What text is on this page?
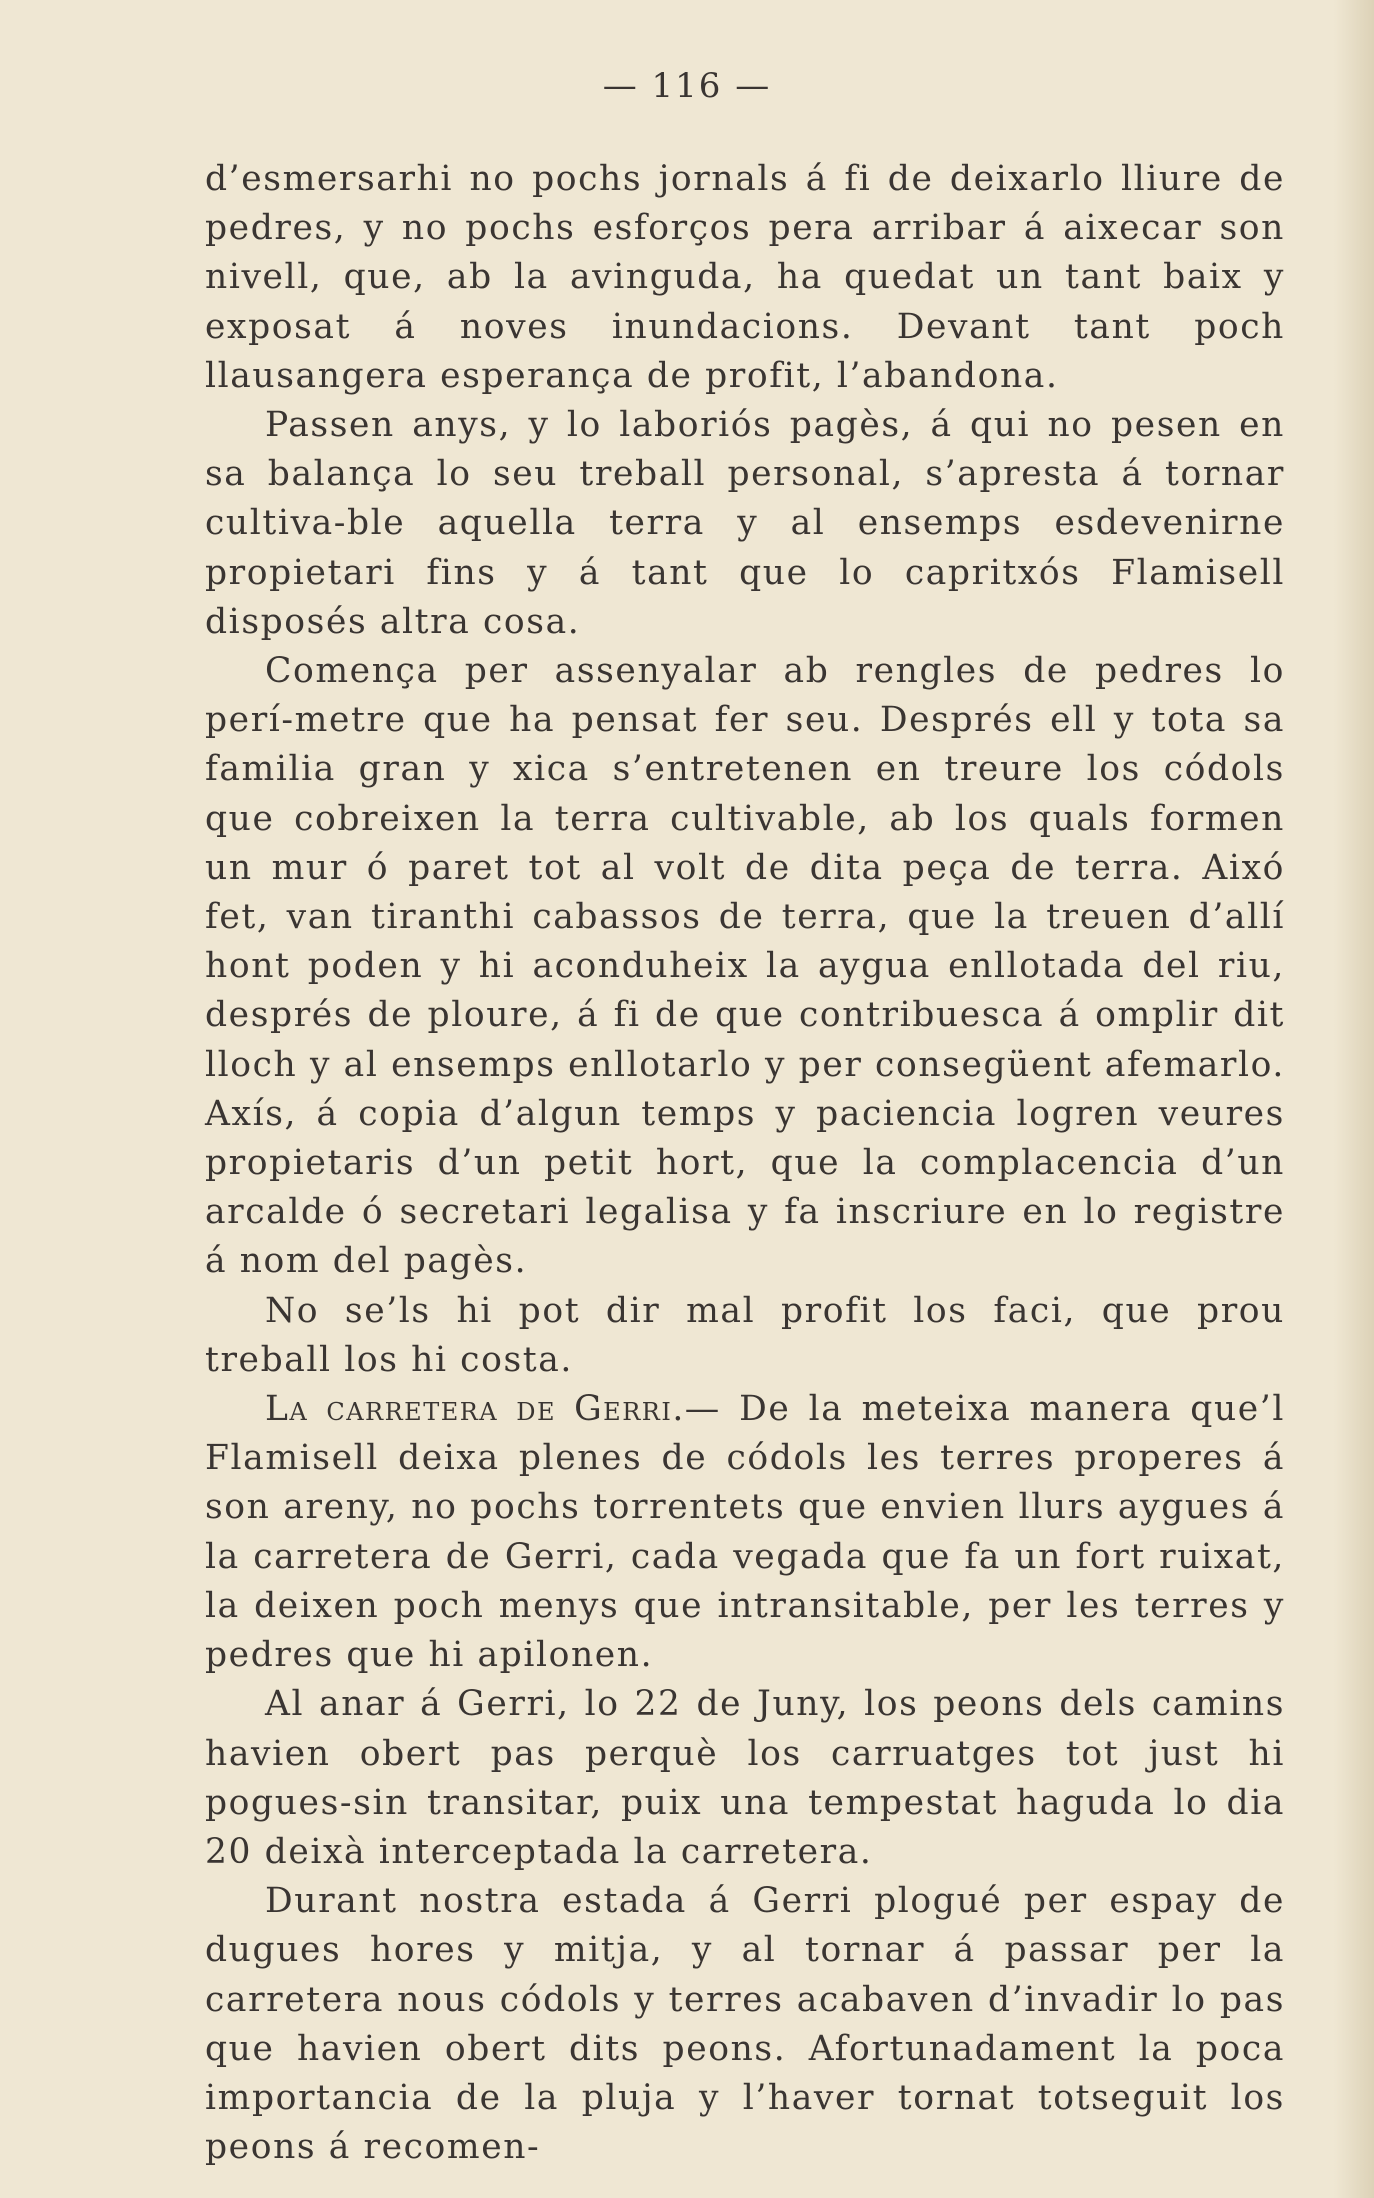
— 116 —

d’esmersarhi no pochs jornals á fi de deixarlo lliure de pedres, y no pochs esforços pera arribar á aixecar son nivell, que, ab la avinguda, ha quedat un tant baix y exposat á noves inundacions. Devant tant poch llausangera esperança de profit, l’abandona.

Passen anys, y lo laboriós pagès, á qui no pesen en sa balança lo seu treball personal, s’apresta á tornar cultiva-ble aquella terra y al ensemps esdevenirne propietari fins y á tant que lo capritxós Flamisell disposés altra cosa.

Comença per assenyalar ab rengles de pedres lo perí-metre que ha pensat fer seu. Després ell y tota sa familia gran y xica s’entretenen en treure los códols que cobreixen la terra cultivable, ab los quals formen un mur ó paret tot al volt de dita peça de terra. Aixó fet, van tiranthi cabassos de terra, que la treuen d’allí hont poden y hi aconduheix la aygua enllotada del riu, després de ploure, á fi de que contribuesca á omplir dit lloch y al ensemps enllotarlo y per consegüent afemarlo. Axís, á copia d’algun temps y paciencia logren veures propietaris d’un petit hort, que la complacencia d’un arcalde ó secretari legalisa y fa inscriure en lo registre á nom del pagès.

No se’ls hi pot dir mal profit los faci, que prou treball los hi costa.

La carretera de Gerri.— De la meteixa manera que’l Flamisell deixa plenes de códols les terres properes á son areny, no pochs torrentets que envien llurs aygues á la carretera de Gerri, cada vegada que fa un fort ruixat, la deixen poch menys que intransitable, per les terres y pedres que hi apilonen.

Al anar á Gerri, lo 22 de Juny, los peons dels camins havien obert pas perquè los carruatges tot just hi pogues-sin transitar, puix una tempestat haguda lo dia 20 deixà interceptada la carretera.

Durant nostra estada á Gerri plogué per espay de dugues hores y mitja, y al tornar á passar per la carretera nous códols y terres acabaven d’invadir lo pas que havien obert dits peons. Afortunadament la poca importancia de la pluja y l’haver tornat totseguit los peons á recomen-
